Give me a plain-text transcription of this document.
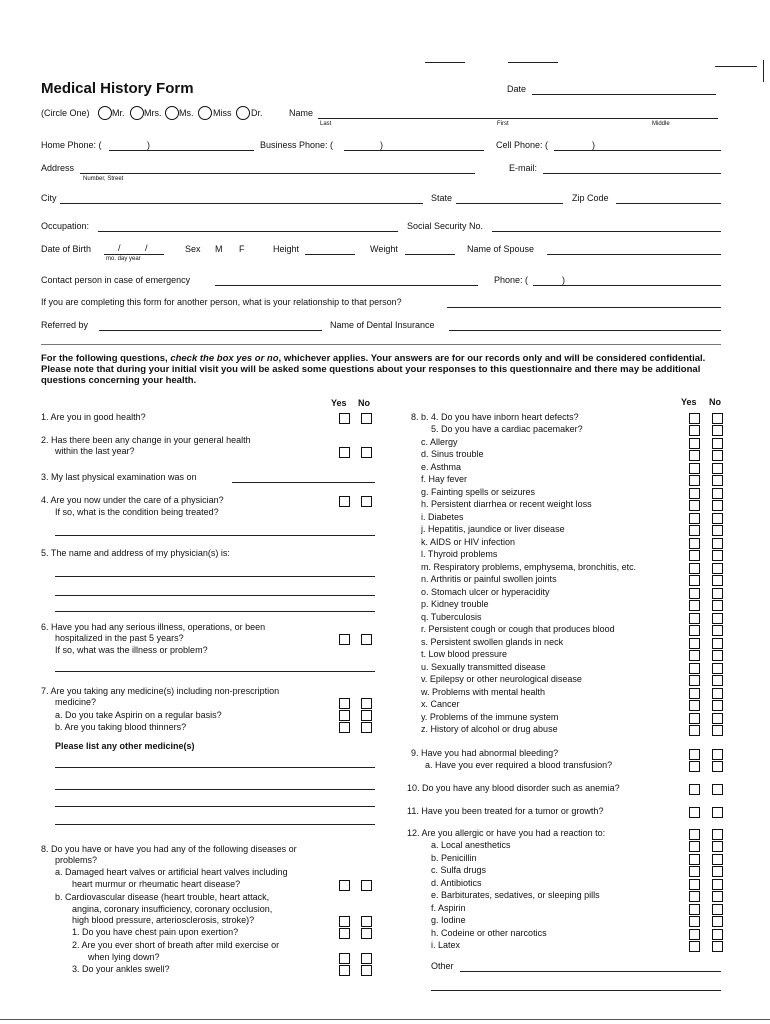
Medical History Form	Date
(Circle One) Mr. Mrs. Ms. Miss Dr.	Name
Last	First	Middle
Home Phone: (	)	Business Phone: (	)	Cell Phone: (	)
Address
Number, Street
E-mail:
City	State	Zip Code
Occupation:	Social Security No.
Date of Birth	/	/
mo. day year
Sex M F	Height	Weight	Name of Spouse
Contact person in case of emergency	Phone: (	)
If you are completing this form for another person, what is your relationship to that person?
Referred by	Name of Dental Insurance
For the following questions, check the box yes or no, whichever applies. Your answers are for our records only and will be considered confidential. Please note that during your initial visit you will be asked some questions about your responses to this questionnaire and there may be additional questions concerning your health.
Yes No	Yes No
1. Are you in good health?
2. Has there been any change in your general health
within the last year?
3. My last physical examination was on
4. Are you now under the care of a physician?
If so, what is the condition being treated?
5. The name and address of my physician(s) is:
6. Have you had any serious illness, operations, or been
hospitalized in the past 5 years?
If so, what was the illness or problem?
7. Are you taking any medicine(s) including non-prescription
medicine?
a. Do you take Aspirin on a regular basis?
b. Are you taking blood thinners?
Please list any other medicine(s)
8. Do you have or have you had any of the following diseases or
problems?
a. Damaged heart valves or artificial heart valves including
heart murmur or rheumatic heart disease?
b. Cardiovascular disease (heart trouble, heart attack,
angina, coronary insufficiency, coronary occlusion,
high blood pressure, arteriosclerosis, stroke)?
1. Do you have chest pain upon exertion?
2. Are you ever short of breath after mild exercise or
when lying down?
3. Do your ankles swell?
8. b. 4. Do you have inborn heart defects?
5. Do you have a cardiac pacemaker?
c. Allergy
d. Sinus trouble
e. Asthma
f. Hay fever
g. Fainting spells or seizures
h. Persistent diarrhea or recent weight loss
i. Diabetes
j. Hepatitis, jaundice or liver disease
k. AIDS or HIV infection
l. Thyroid problems
m. Respiratory problems, emphysema, bronchitis, etc.
n. Arthritis or painful swollen joints
o. Stomach ulcer or hyperacidity
p. Kidney trouble
q. Tuberculosis
r. Persistent cough or cough that produces blood
s. Persistent swollen glands in neck
t. Low blood pressure
u. Sexually transmitted disease
v. Epilepsy or other neurological disease
w. Problems with mental health
x. Cancer
y. Problems of the immune system
z. History of alcohol or drug abuse
9. Have you had abnormal bleeding?
a. Have you ever required a blood transfusion?
10. Do you have any blood disorder such as anemia?
11. Have you been treated for a tumor or growth?
12. Are you allergic or have you had a reaction to:
a. Local anesthetics
b. Penicillin
c. Sulfa drugs
d. Antibiotics
e. Barbiturates, sedatives, or sleeping pills
f. Aspirin
g. Iodine
h. Codeine or other narcotics
i. Latex
Other
